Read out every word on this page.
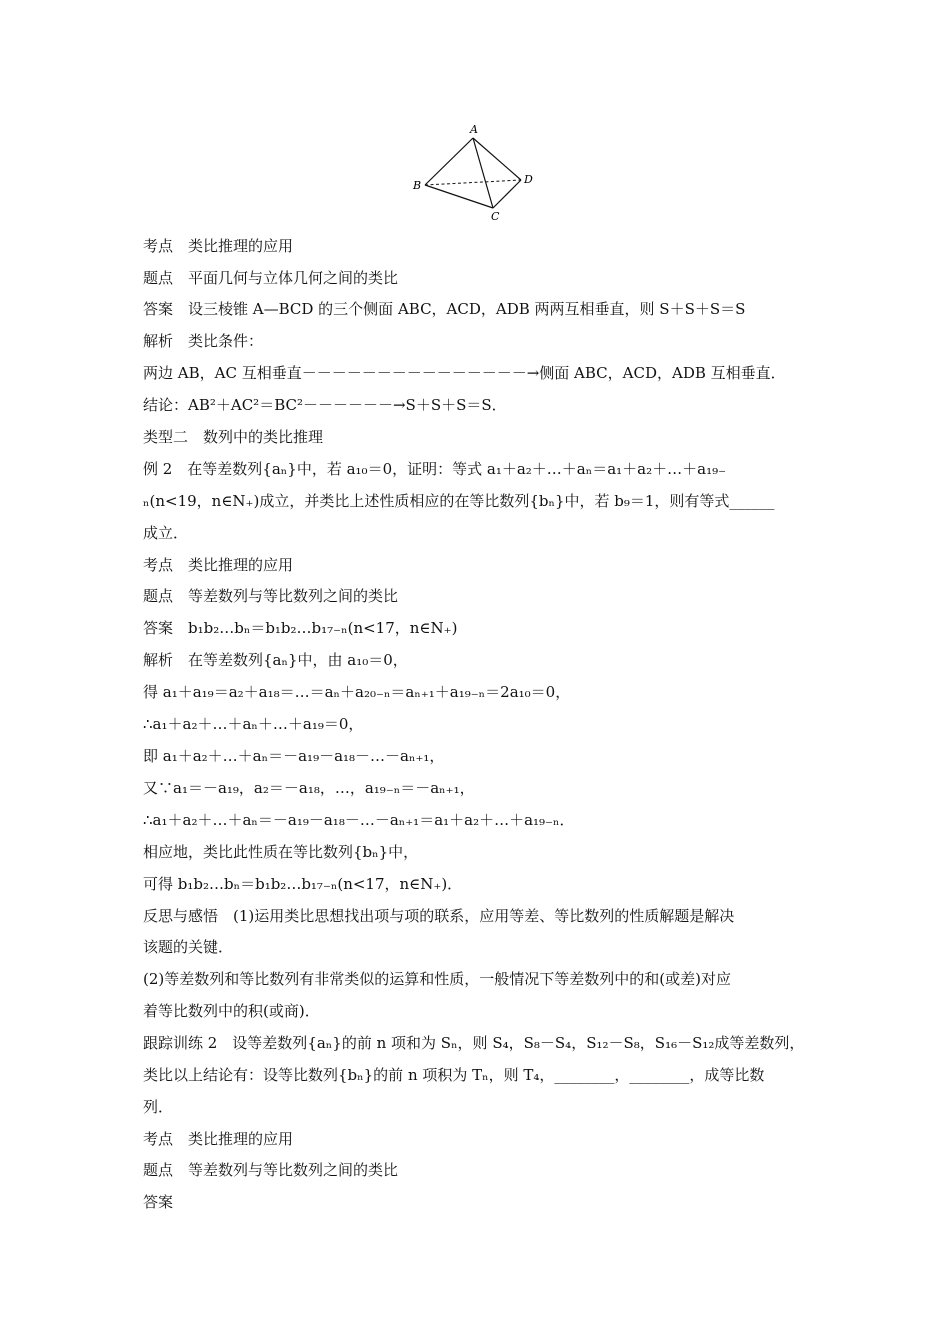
A
B
C
D
考点　类比推理的应用
题点　平面几何与立体几何之间的类比
答案　设三棱锥 A—BCD 的三个侧面 ABC，ACD，ADB 两两互相垂直，则 S＋S＋S＝S
解析　类比条件：
两边 AB，AC 互相垂直－－－－－－－－－－－－－－－→侧面 ABC，ACD，ADB 互相垂直．
结论：AB²＋AC²＝BC²－－－－－－→S＋S＋S＝S．
类型二　数列中的类比推理
例 2　在等差数列{aₙ}中，若 a₁₀＝0，证明：等式 a₁＋a₂＋…＋aₙ＝a₁＋a₂＋…＋a₁₉₋
ₙ(n<19，n∈N₊)成立，并类比上述性质相应的在等比数列{bₙ}中，若 b₉＝1，则有等式______
成立．
考点　类比推理的应用
题点　等差数列与等比数列之间的类比
答案　b₁b₂…bₙ＝b₁b₂…b₁₇₋ₙ(n<17，n∈N₊)
解析　在等差数列{aₙ}中，由 a₁₀＝0，
得 a₁＋a₁₉＝a₂＋a₁₈＝…＝aₙ＋a₂₀₋ₙ＝aₙ₊₁＋a₁₉₋ₙ＝2a₁₀＝0，
∴a₁＋a₂＋…＋aₙ＋…＋a₁₉＝0，
即 a₁＋a₂＋…＋aₙ＝－a₁₉－a₁₈－…－aₙ₊₁，
又∵a₁＝－a₁₉，a₂＝－a₁₈，…，a₁₉₋ₙ＝－aₙ₊₁，
∴a₁＋a₂＋…＋aₙ＝－a₁₉－a₁₈－…－aₙ₊₁＝a₁＋a₂＋…＋a₁₉₋ₙ．
相应地，类比此性质在等比数列{bₙ}中，
可得 b₁b₂…bₙ＝b₁b₂…b₁₇₋ₙ(n<17，n∈N₊)．
反思与感悟　(1)运用类比思想找出项与项的联系，应用等差、等比数列的性质解题是解决
该题的关键．
(2)等差数列和等比数列有非常类似的运算和性质，一般情况下等差数列中的和(或差)对应
着等比数列中的积(或商)．
跟踪训练 2　设等差数列{aₙ}的前 n 项和为 Sₙ，则 S₄，S₈－S₄，S₁₂－S₈，S₁₆－S₁₂成等差数列，
类比以上结论有：设等比数列{bₙ}的前 n 项积为 Tₙ，则 T₄，________，________，成等比数
列．
考点　类比推理的应用
题点　等差数列与等比数列之间的类比
答案
